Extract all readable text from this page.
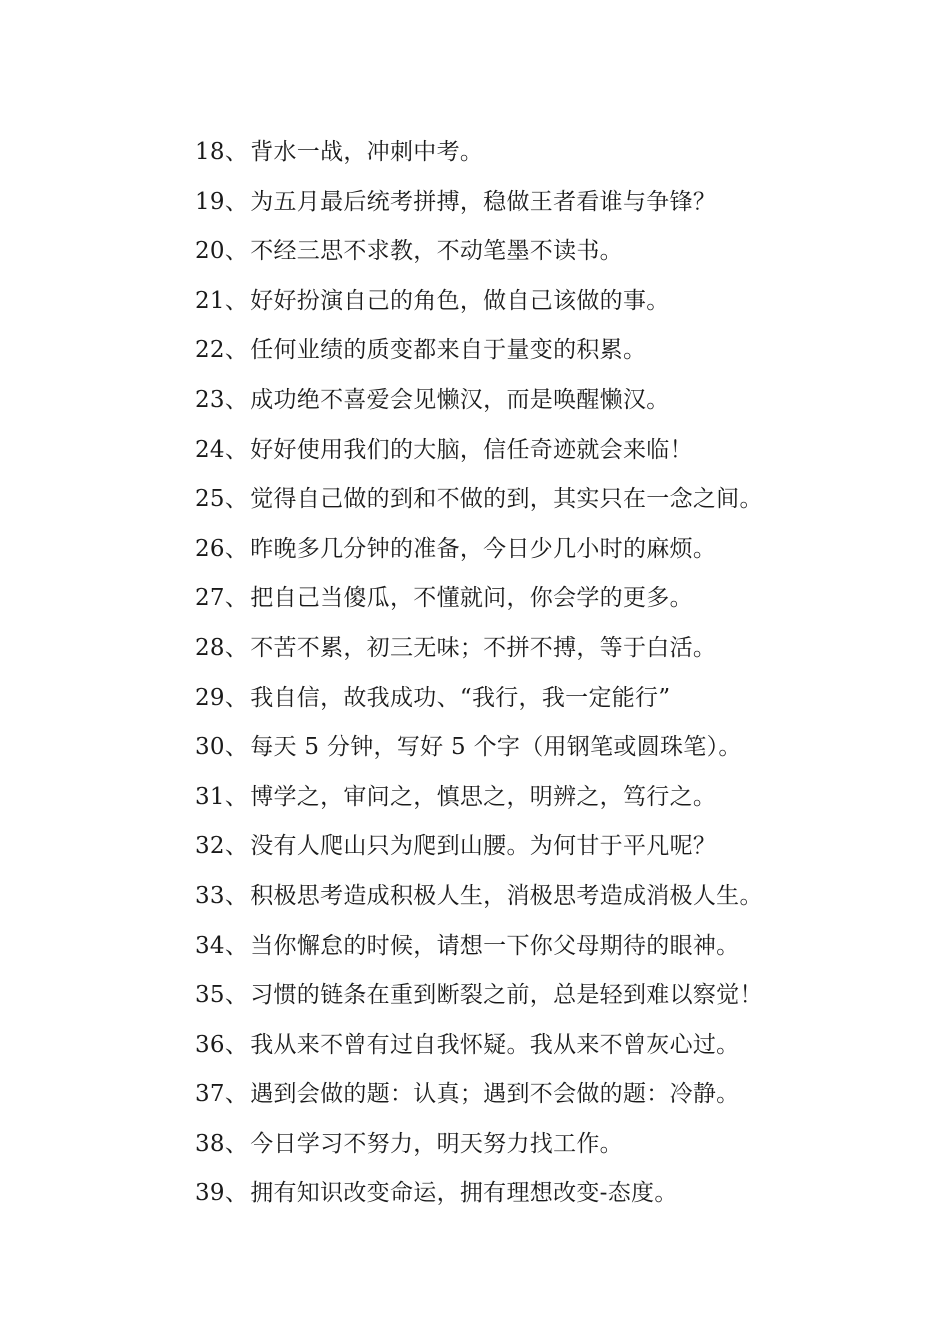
18 、 背水一战，冲刺中考。
19 、 为五月最后统考拼搏，稳做王者看谁与争锋？
20 、 不经三思不求教，不动笔墨不读书。
21 、 好好扮演自己的角色，做自己该做的事。
22 、 任何业绩的质变都来自于量变的积累。
23 、 成功绝不喜爱会见懒汉，而是唤醒懒汉。
24 、 好好使用我们的大脑，信任奇迹就会来临！
25 、 觉得自己做的到和不做的到，其实只在一念之间。
26 、 昨晚多几分钟的准备，今日少几小时的麻烦。
27 、 把自己当傻瓜，不懂就问，你会学的更多。
28 、 不苦不累，初三无味；不拼不搏，等于白活。
29 、 我自信，故我成功、“我行，我一定能行”
30 、 每天 5 分钟，写好 5 个字（用钢笔或圆珠笔）。
31 、 博学之，审问之，慎思之，明辨之，笃行之。
32 、 没有人爬山只为爬到山腰。为何甘于平凡呢？
33 、 积极思考造成积极人生，消极思考造成消极人生。
34 、 当你懈怠的时候，请想一下你父母期待的眼神。
35 、 习惯的链条在重到断裂之前，总是轻到难以察觉！
36 、 我从来不曾有过自我怀疑。我从来不曾灰心过。
37 、 遇到会做的题：认真；遇到不会做的题：冷静。
38 、 今日学习不努力，明天努力找工作。
39 、 拥有知识改变命运，拥有理想改变-态度。
